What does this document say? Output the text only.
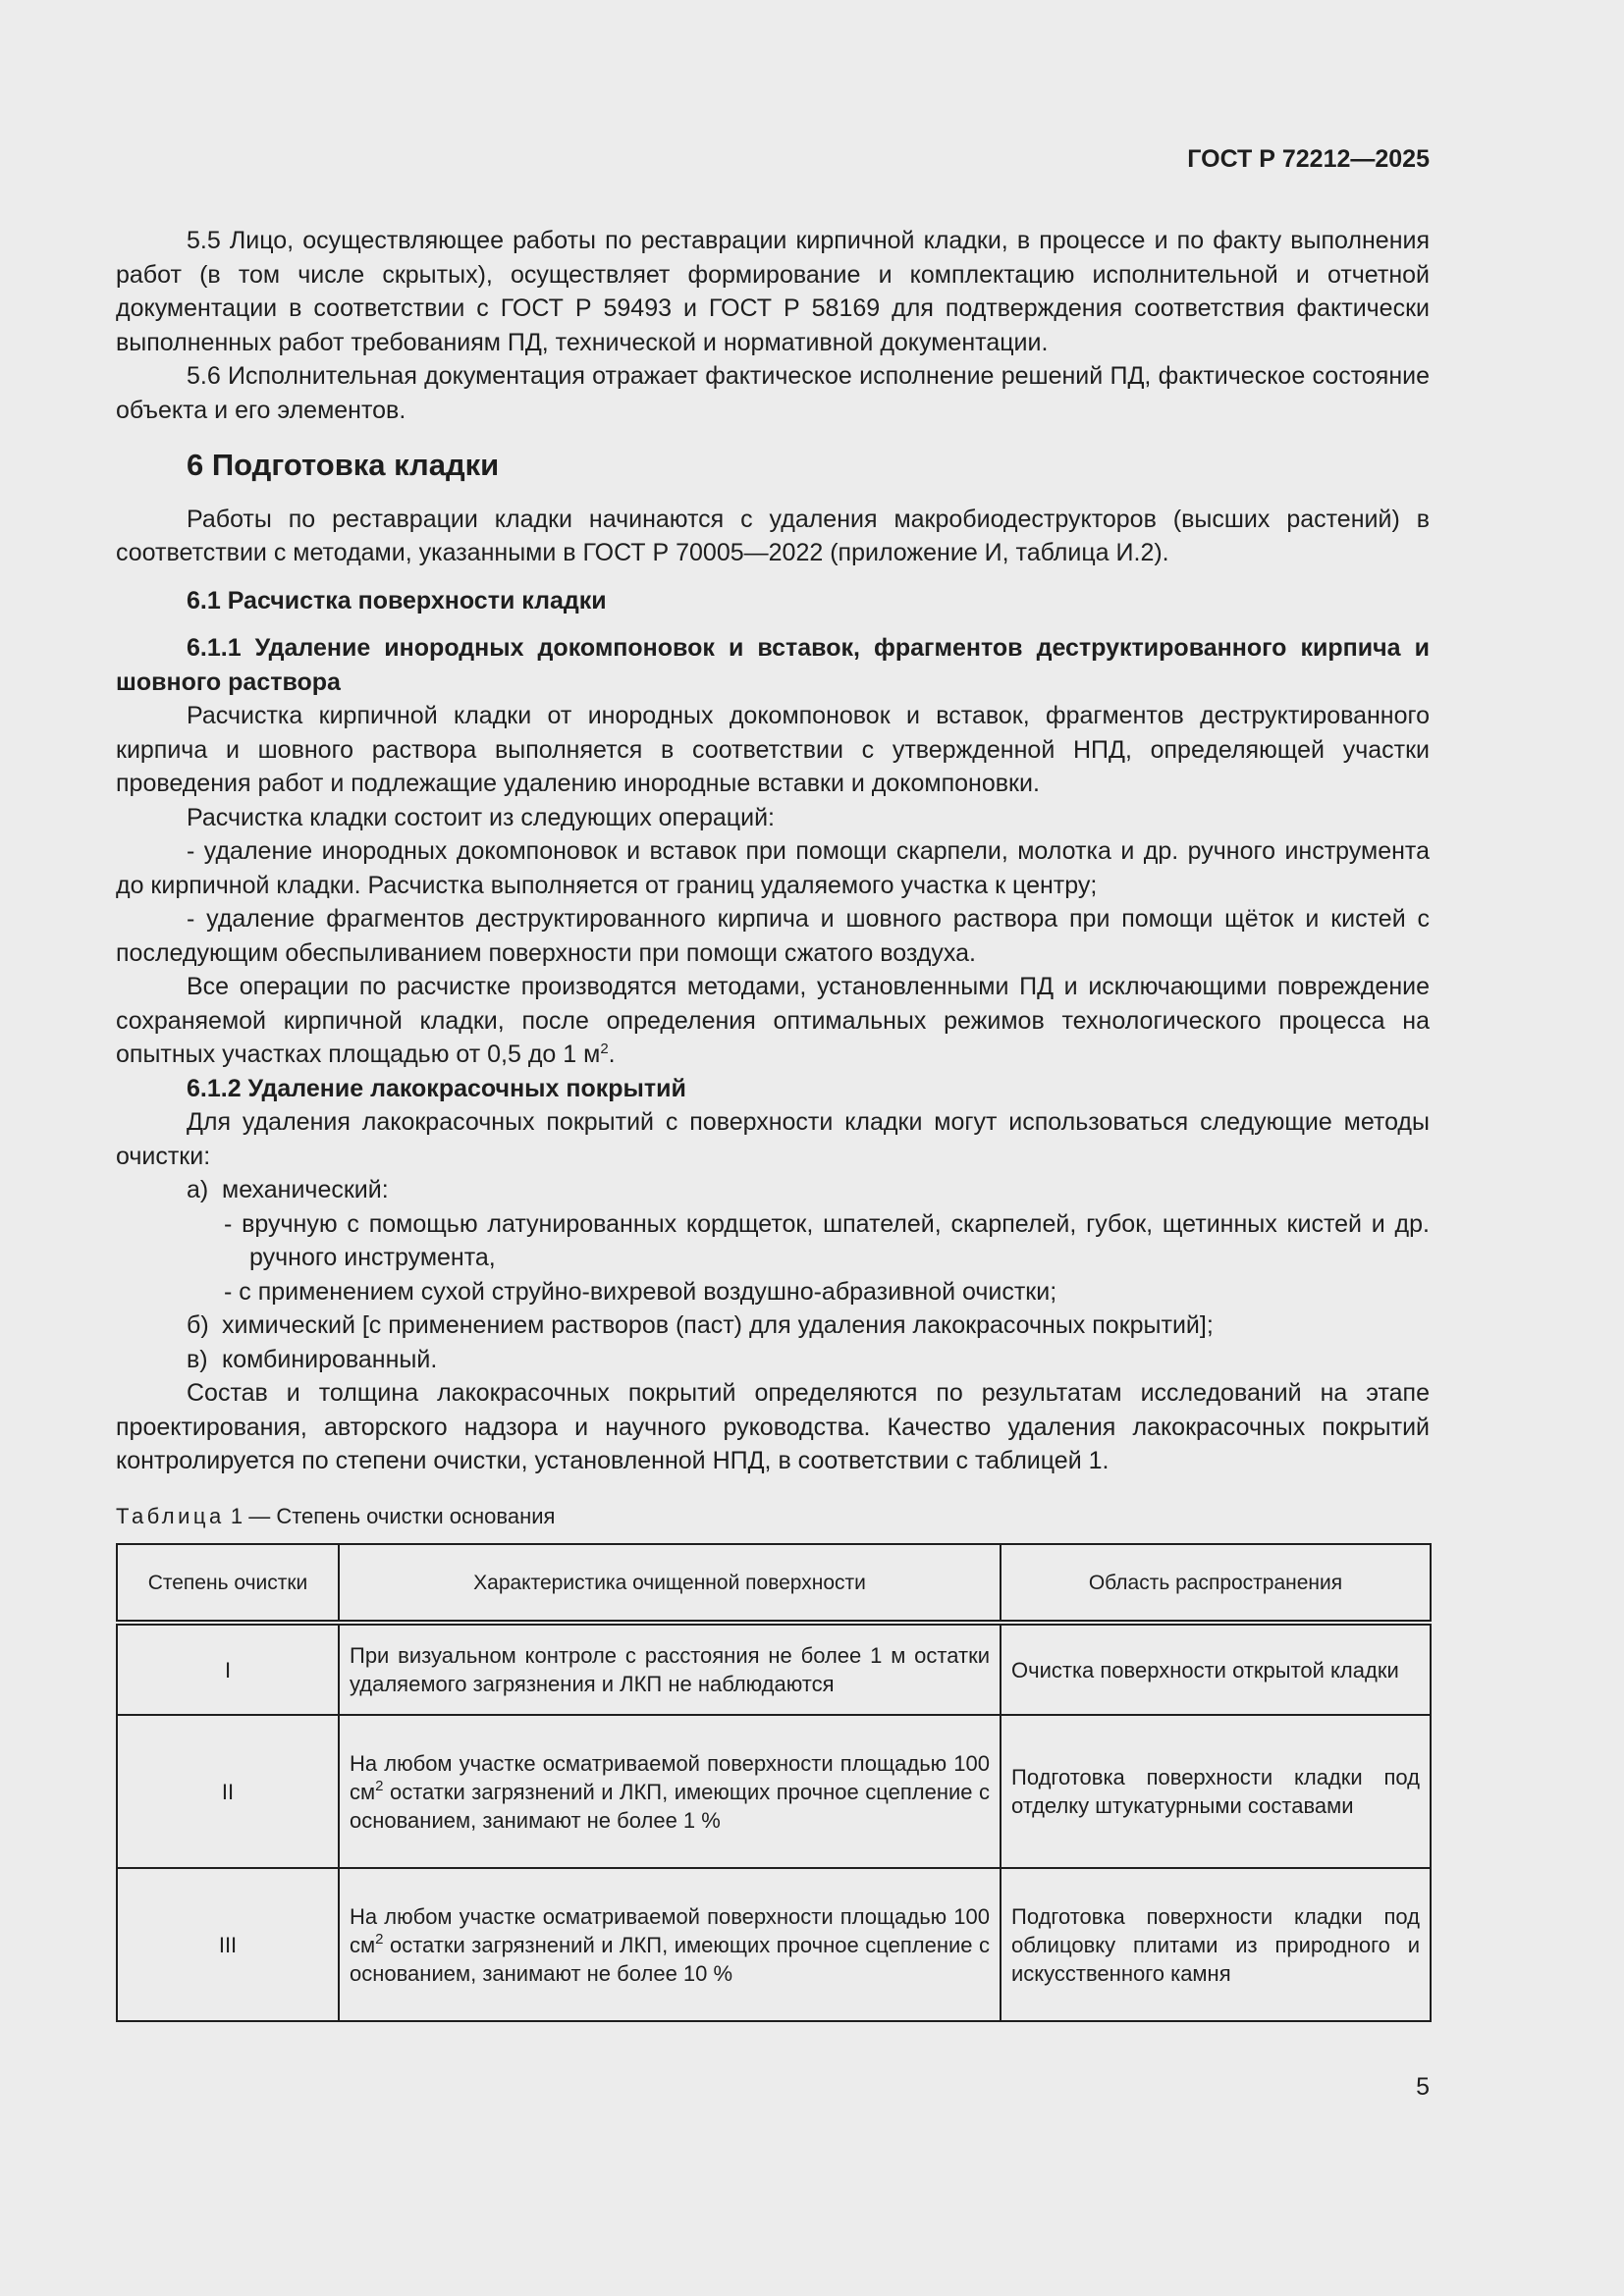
ГОСТ Р 72212—2025

5.5 Лицо, осуществляющее работы по реставрации кирпичной кладки, в процессе и по факту выполнения работ (в том числе скрытых), осуществляет формирование и комплектацию исполнительной и отчетной документации в соответствии с ГОСТ Р 59493 и ГОСТ Р 58169 для подтверждения соответствия фактически выполненных работ требованиям ПД, технической и нормативной документации.

5.6 Исполнительная документация отражает фактическое исполнение решений ПД, фактическое состояние объекта и его элементов.

6 Подготовка кладки

Работы по реставрации кладки начинаются с удаления макробиодеструкторов (высших растений) в соответствии с методами, указанными в ГОСТ Р 70005—2022 (приложение И, таблица И.2).

6.1 Расчистка поверхности кладки

6.1.1 Удаление инородных докомпоновок и вставок, фрагментов деструктированного кирпича и шовного раствора

Расчистка кирпичной кладки от инородных докомпоновок и вставок, фрагментов деструктированного кирпича и шовного раствора выполняется в соответствии с утвержденной НПД, определяющей участки проведения работ и подлежащие удалению инородные вставки и докомпоновки.

Расчистка кладки состоит из следующих операций:

- удаление инородных докомпоновок и вставок при помощи скарпели, молотка и др. ручного инструмента до кирпичной кладки. Расчистка выполняется от границ удаляемого участка к центру;

- удаление фрагментов деструктированного кирпича и шовного раствора при помощи щёток и кистей с последующим обеспыливанием поверхности при помощи сжатого воздуха.

Все операции по расчистке производятся методами, установленными ПД и исключающими повреждение сохраняемой кирпичной кладки, после определения оптимальных режимов технологического процесса на опытных участках площадью от 0,5 до 1 $м^2$.

6.1.2 Удаление лакокрасочных покрытий

Для удаления лакокрасочных покрытий с поверхности кладки могут использоваться следующие методы очистки:

а) механический:
- вручную с помощью латунированных кордщеток, шпателей, скарпелей, губок, щетинных кистей и др. ручного инструмента,
- с применением сухой струйно-вихревой воздушно-абразивной очистки;
б) химический [с применением растворов (паст) для удаления лакокрасочных покрытий];
в) комбинированный.

Состав и толщина лакокрасочных покрытий определяются по результатам исследований на этапе проектирования, авторского надзора и научного руководства. Качество удаления лакокрасочных покрытий контролируется по степени очистки, установленной НПД, в соответствии с таблицей 1.

Таблица 1 — Степень очистки основания
Степень очистки	Характеристика очищенной поверхности	Область распространения
I	При визуальном контроле с расстояния не более 1 м остатки удаляемого загрязнения и ЛКП не наблюдаются	Очистка поверхности открытой кладки
II	На любом участке осматриваемой поверхности площадью 100 $см^2$ остатки загрязнений и ЛКП, имеющих прочное сцепление с основанием, занимают не более 1 %	Подготовка поверхности кладки под отделку штукатурными составами
III	На любом участке осматриваемой поверхности площадью 100 $см^2$ остатки загрязнений и ЛКП, имеющих прочное сцепление с основанием, занимают не более 10 %	Подготовка поверхности кладки под облицовку плитами из природного и искусственного камня
5
